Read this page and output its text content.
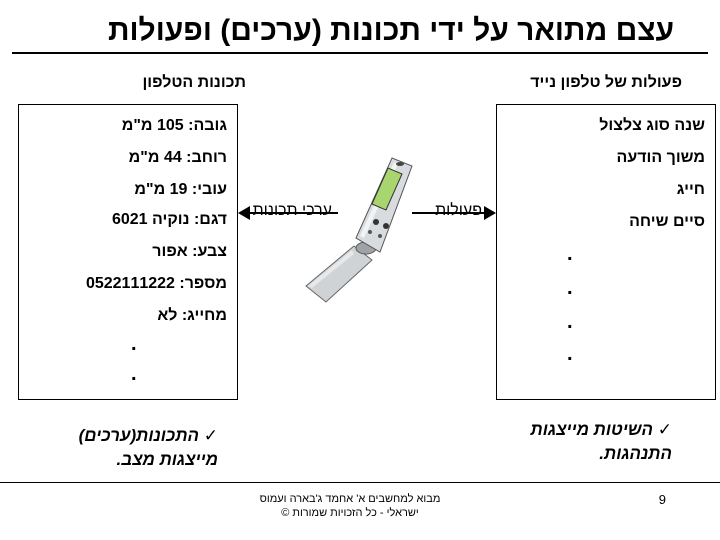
עצם מתואר על ידי תכונות (ערכים) ופעולות
תכונות הטלפון	פעולות של טלפון נייד
גובה: 105 מ"מ
רוחב: 44 מ"מ
עובי: 19 מ"מ
דגם: נוקיה 6021
צבע: אפור
מספר: 0522111222
מחייג: לא
.
.
שנה סוג צלצול
משוך הודעה
חייג
סיים שיחה
.
.
.
.
ערכי תכונות	פעולות
✓ התכונות(ערכים)
מייצגות מצב.
✓ השיטות מייצגות
התנהגות.
מבוא למחשבים א' אחמד ג'בארה ועמוס
ישראלי - כל הזכויות שמורות ©
9
